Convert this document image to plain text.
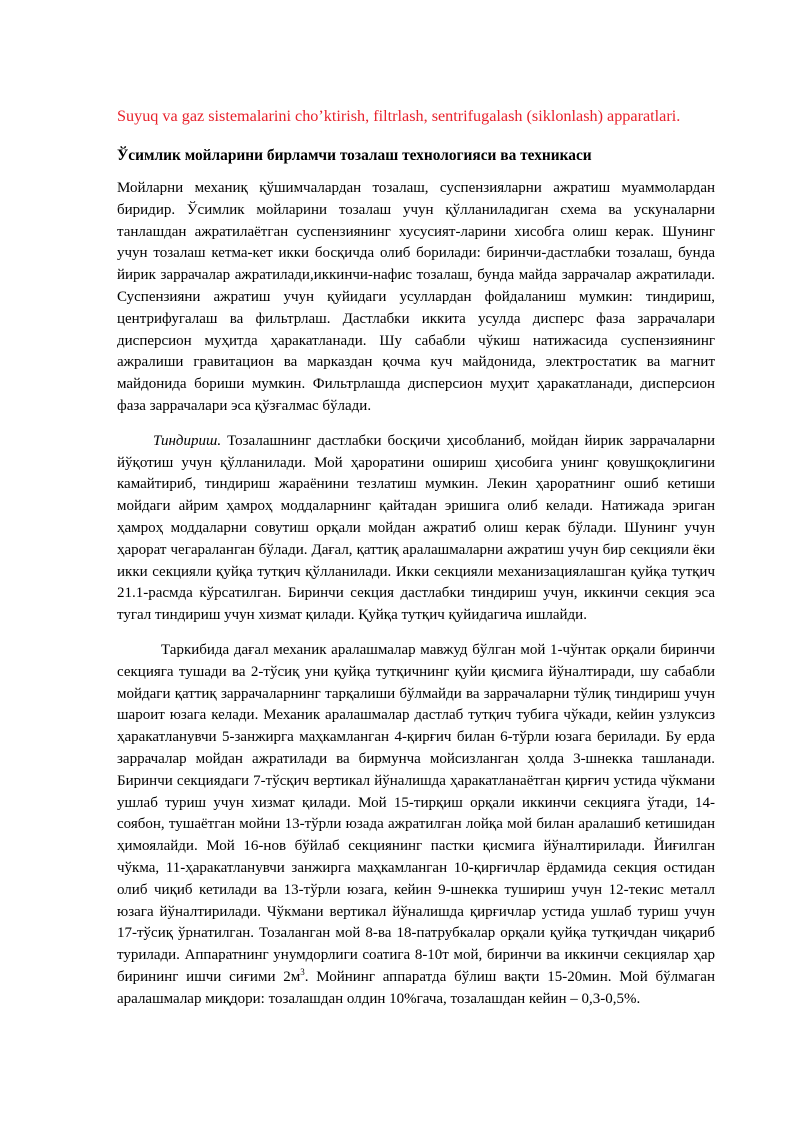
Suyuq va gaz sistemalarini cho’ktirish, filtrlash, sentrifugalash (siklonlash) apparatlari.
Ўсимлик мойларини бирламчи тозалаш технологияси ва техникаси

Мойларни механиқ қўшимчалардан тозалаш, суспензияларни ажратиш муаммолардан биридир. Ўсимлик мойларини тозалаш учун қўлланиладиган схема ва ускуналарни танлашдан ажратилаётган суспензиянинг хусусият-ларини хисобга олиш керак. Шунинг учун тозалаш кетма-кет икки босқичда олиб борилади: биринчи-дастлабки тозалаш, бунда йирик заррачалар ажратилади,иккинчи-нафис тозалаш, бунда майда заррачалар ажратилади. Суспензияни ажратиш учун қуйидаги усуллардан фойдаланиш мумкин: тиндириш, центрифугалаш ва фильтрлаш. Дастлабки иккита усулда дисперс фаза заррачалари дисперсион муҳитда ҳаракатланади. Шу сабабли чўкиш натижасида суспензиянинг ажралиши гравитацион ва марказдан қочма куч майдонида, электростатик ва магнит майдонида бориши мумкин. Фильтрлашда дисперсион муҳит ҳаракатланади, дисперсион фаза заррачалари эса қўзғалмас бўлади.

Тиндириш. Тозалашнинг дастлабки босқичи ҳисобланиб, мойдан йирик заррачаларни йўқотиш учун қўлланилади. Мой ҳароратини ошириш ҳисобига унинг қовушқоқлигини камайтириб, тиндириш жараёнини тезлатиш мумкин. Лекин ҳароратнинг ошиб кетиши мойдаги айрим ҳамроҳ моддаларнинг қайтадан эришига олиб келади. Натижада эриган ҳамроҳ моддаларни совутиш орқали мойдан ажратиб олиш керак бўлади. Шунинг учун ҳарорат чегараланган бўлади. Дағал, қаттиқ аралашмаларни ажратиш учун бир секцияли ёки икки секцияли қуйқа тутқич қўлланилади. Икки секцияли механизациялашган қуйқа тутқич 21.1-расмда кўрсатилган. Биринчи секция дастлабки тиндириш учун, иккинчи секция эса тугал тиндириш учун хизмат қилади. Қуйқа тутқич қуйидагича ишлайди.

Таркибида дағал механик аралашмалар мавжуд бўлган мой 1-чўнтак орқали биринчи секцияга тушади ва 2-тўсиқ уни қуйқа тутқичнинг қуйи қисмига йўналтиради, шу сабабли мойдаги қаттиқ заррачаларнинг тарқалиши бўлмайди ва заррачаларни тўлиқ тиндириш учун шароит юзага келади. Механик аралашмалар дастлаб тутқич тубига чўкади, кейин узлуксиз ҳаракатланувчи 5-занжирга маҳкамланган 4-қирғич билан 6-тўрли юзага берилади. Бу ерда заррачалар мойдан ажратилади ва бирмунча мойсизланган ҳолда 3-шнекка ташланади. Биринчи секциядаги 7-тўсқич вертикал йўналишда ҳаракатланаётган қирғич устида чўкмани ушлаб туриш учун хизмат қилади. Мой 15-тирқиш орқали иккинчи секцияга ўтади, 14-соябон, тушаётган мойни 13-тўрли юзада ажратилган лойқа мой билан аралашиб кетишидан ҳимоялайди. Мой 16-нов бўйлаб секциянинг пастки қисмига йўналтирилади. Йиғилган чўкма, 11-ҳаракатланувчи занжирга маҳкамланган 10-қирғичлар ёрдамида секция остидан олиб чиқиб кетилади ва 13-тўрли юзага, кейин 9-шнекка тушириш учун 12-текис металл юзага йўналтирилади. Чўкмани вертикал йўналишда қирғичлар устида ушлаб туриш учун 17-тўсиқ ўрнатилган. Тозаланган мой 8-ва 18-патрубкалар орқали қуйқа тутқичдан чиқариб турилади. Аппаратнинг унумдорлиги соатига 8-10т мой, биринчи ва иккинчи секциялар ҳар бирининг ишчи сиғими $2м^3$. Мойнинг аппаратда бўлиш вақти 15-20мин. Мой бўлмаган аралашмалар миқдори: тозалашдан олдин 10%гача, тозалашдан кейин – 0,3-0,5%.
